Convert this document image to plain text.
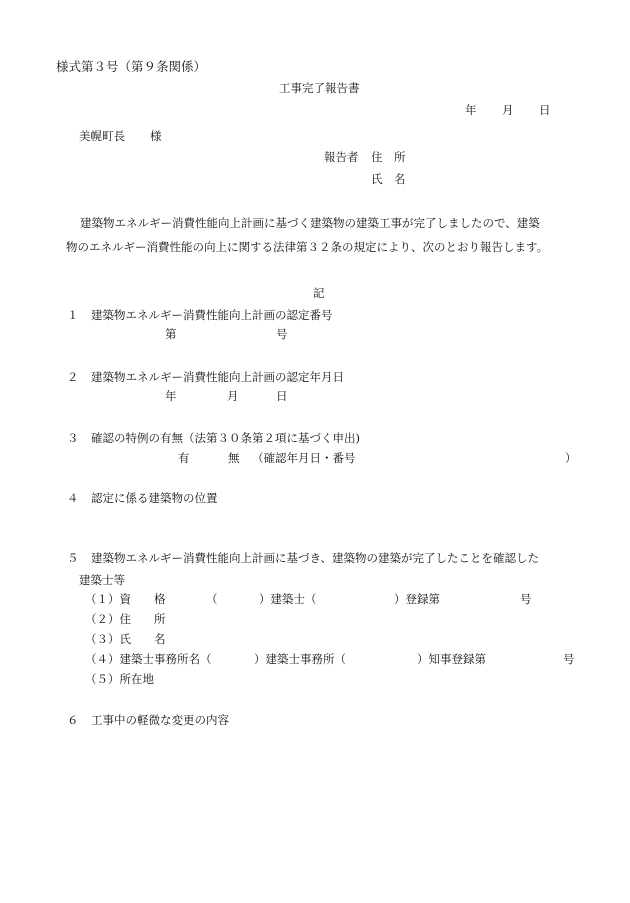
様式第３号（第９条関係）
工事完了報告書
年 月 日
美幌町長 様
報告者 住　所
氏　名
建築物エネルギー消費性能向上計画に基づく建築物の建築工事が完了しましたので、建築
物のエネルギー消費性能の向上に関する法律第３２条の規定により、次のとおり報告します。
記
１ 建築物エネルギー消費性能向上計画の認定番号
第	号
２ 建築物エネルギー消費性能向上計画の認定年月日
年	月	日
３ 確認の特例の有無（法第３０条第２項に基づく申出)
有	無 （確認年月日・番号	）
４ 認定に係る建築物の位置
５ 建築物エネルギー消費性能向上計画に基づき、建築物の建築が完了したことを確認した
建築士等
（１）資　　格	（	）建築士（	）登録第	号
（２）住　　所
（３）氏　　名
（４）建築士事務所名（	）建築士事務所（	）知事登録第	号
（５）所在地
６ 工事中の軽微な変更の内容
